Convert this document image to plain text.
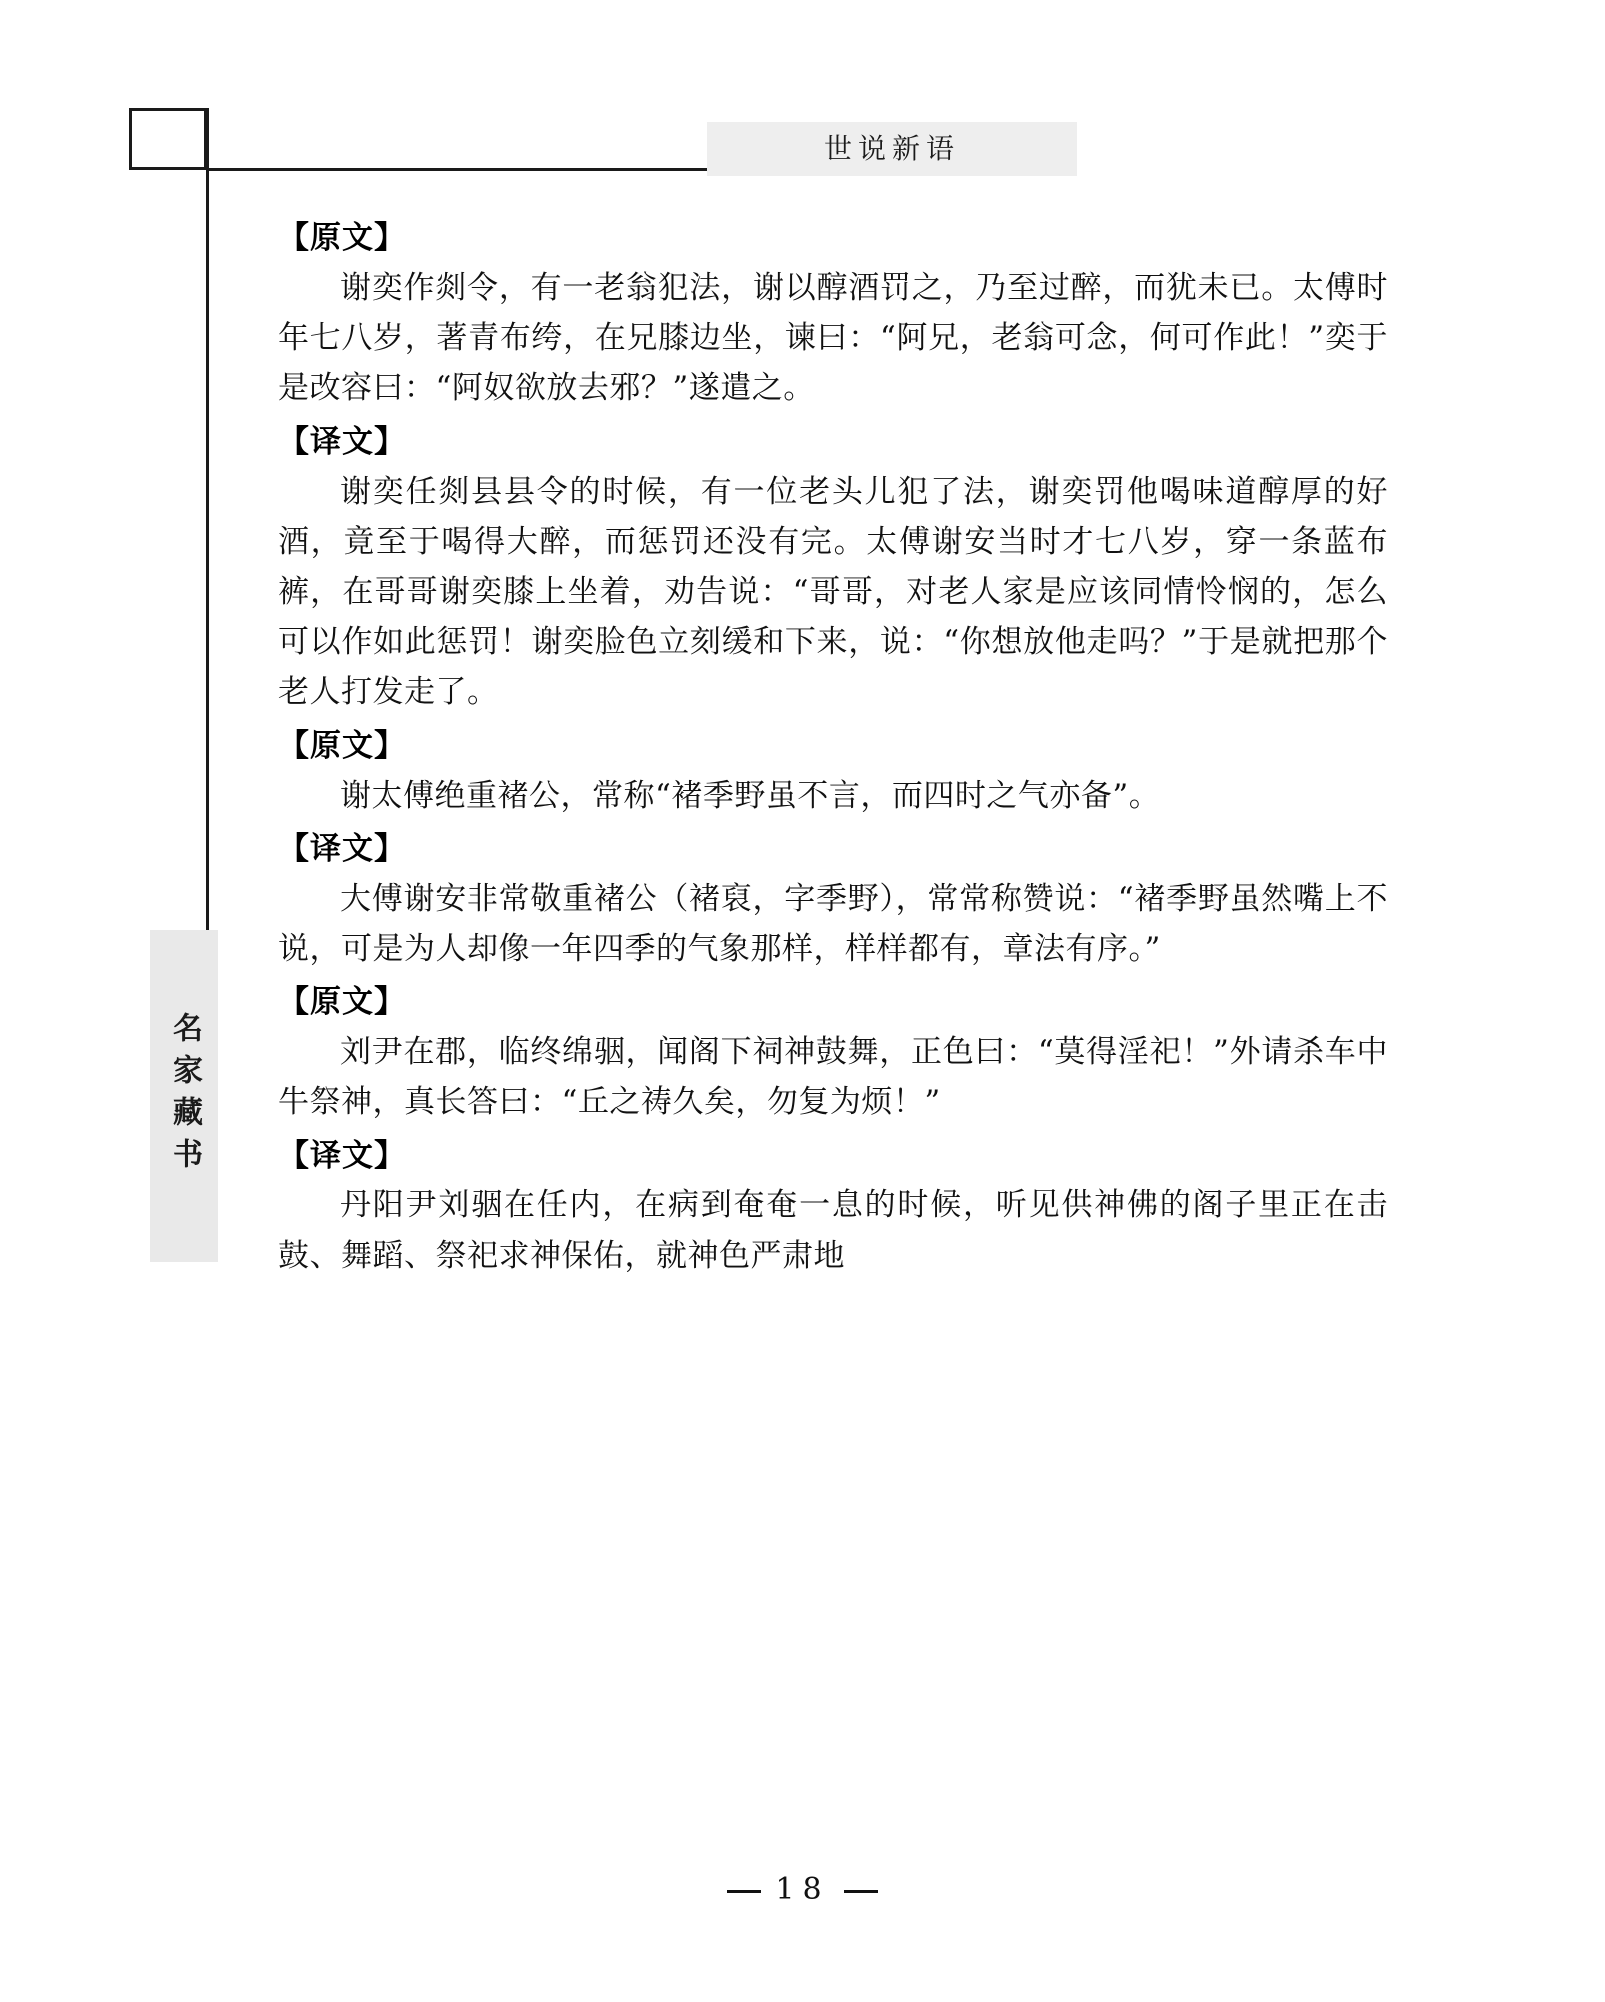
世说新语
名家藏书
【原文】

谢奕作剡令，有一老翁犯法，谢以醇酒罚之，乃至过醉，而犹未已。太傅时年七八岁，著青布绔，在兄膝边坐，谏曰：“阿兄，老翁可念，何可作此！”奕于是改容曰：“阿奴欲放去邪？”遂遣之。

【译文】

谢奕任剡县县令的时候，有一位老头儿犯了法，谢奕罚他喝味道醇厚的好酒，竟至于喝得大醉，而惩罚还没有完。太傅谢安当时才七八岁，穿一条蓝布裤，在哥哥谢奕膝上坐着，劝告说：“哥哥，对老人家是应该同情怜悯的，怎么可以作如此惩罚！谢奕脸色立刻缓和下来，说：“你想放他走吗？”于是就把那个老人打发走了。

【原文】

谢太傅绝重褚公，常称“褚季野虽不言，而四时之气亦备”。

【译文】

大傅谢安非常敬重褚公（褚裒，字季野），常常称赞说：“褚季野虽然嘴上不说，可是为人却像一年四季的气象那样，样样都有，章法有序。”

【原文】

刘尹在郡，临终绵骃，闻阁下祠神鼓舞，正色曰：“莫得淫祀！”外请杀车中牛祭神，真长答曰：“丘之祷久矣，勿复为烦！”

【译文】

丹阳尹刘骃在任内，在病到奄奄一息的时候，听见供神佛的阁子里正在击鼓、舞蹈、祭祀求神保佑，就神色严肃地

18
